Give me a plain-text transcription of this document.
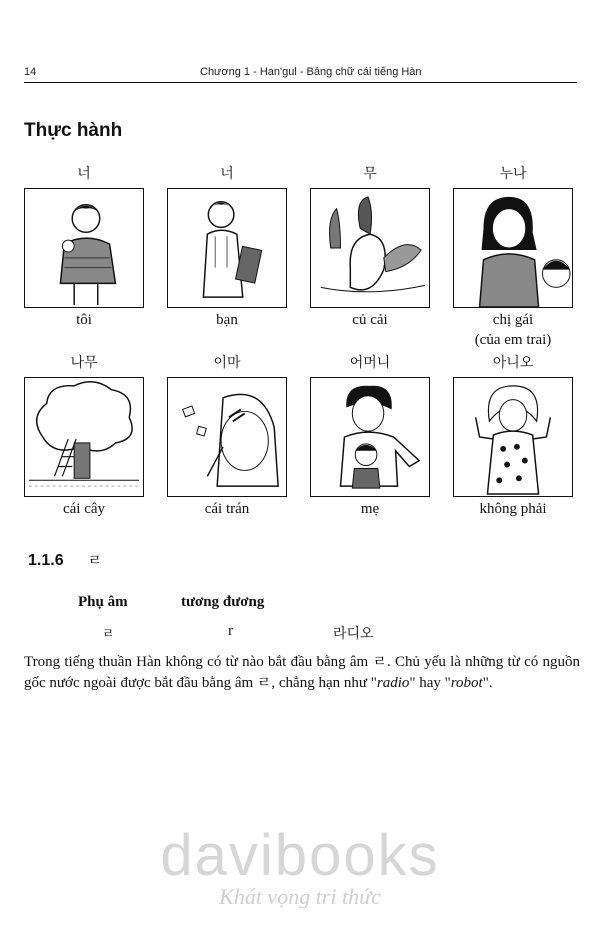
14	Chương 1 - Han'gul - Bảng chữ cái tiếng Hàn
Thực hành
너
tôi
너
bạn
무
củ cải
누나
chị gái
(của em trai)
나무
cái cây
이마
cái trán
어머니
mẹ
아니오
không phải
1.1.6 ㄹ
Phụ âm	tương đương
ㄹ	r	라디오
Trong tiếng thuần Hàn không có từ nào bắt đầu bằng âm ㄹ. Chủ yếu là những từ có nguồn gốc nước ngoài được bắt đầu bằng âm ㄹ, chẳng hạn như "radio" hay "robot".
davibooks
Khát vọng tri thức
